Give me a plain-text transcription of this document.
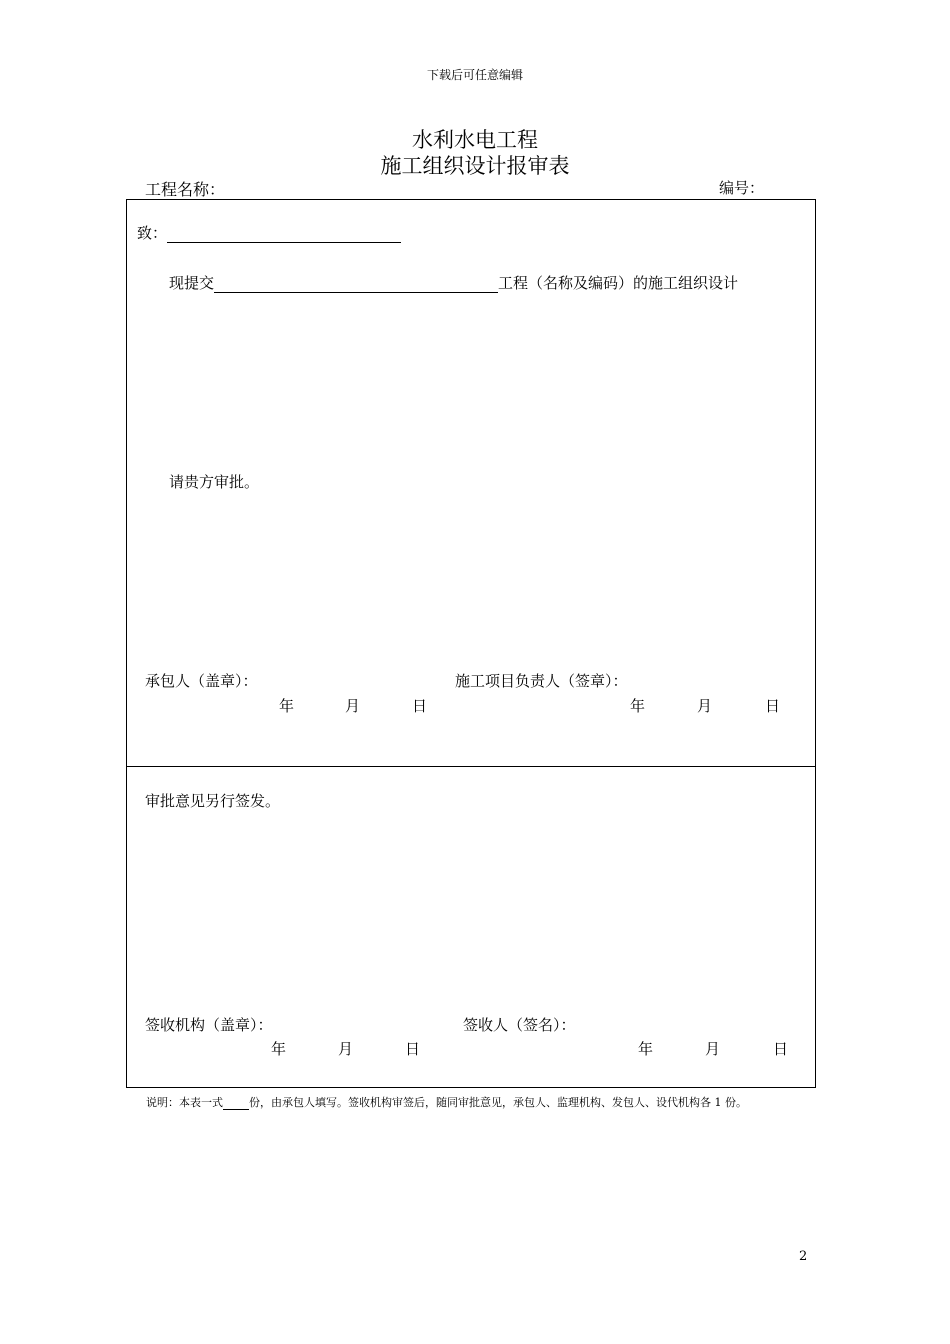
下载后可任意编辑
水利水电工程
施工组织设计报审表
工程名称：	编号：
致：
现提交	工程（名称及编码）的施工组织设计
请贵方审批。
承包人（盖章）：	施工项目负责人（签章）：
年	月	日	年	月	日
审批意见另行签发。
签收机构（盖章）：	签收人（签名）：
年	月	日	年	月	日
说明：本表一式 份，由承包人填写。签收机构审签后，随同审批意见，承包人、监理机构、发包人、设代机构各 1 份。
2
